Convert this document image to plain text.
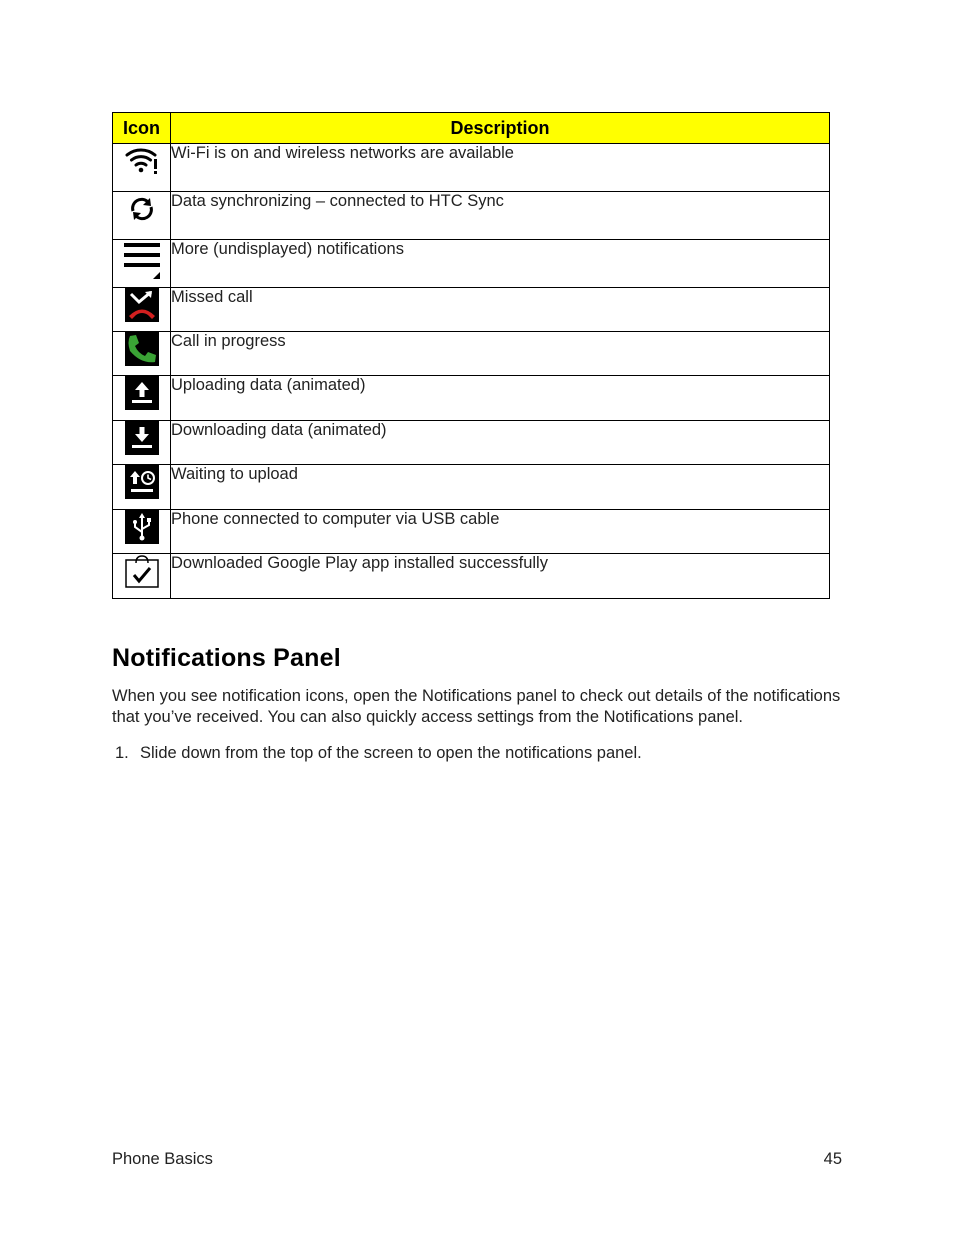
Icon	Description

	Wi-Fi is on and wireless networks are available

	Data synchronizing – connected to HTC Sync

	More (undisplayed) notifications

	Missed call

	Call in progress

	Uploading data (animated)

	Downloading data (animated)

	Waiting to upload

	Phone connected to computer via USB cable

	Downloaded Google Play app installed successfully
Notifications Panel

When you see notification icons, open the Notifications panel to check out details of the notifications that you’ve received. You can also quickly access settings from the Notifications panel.

1. Slide down from the top of the screen to open the notifications panel.
Phone Basics	45
